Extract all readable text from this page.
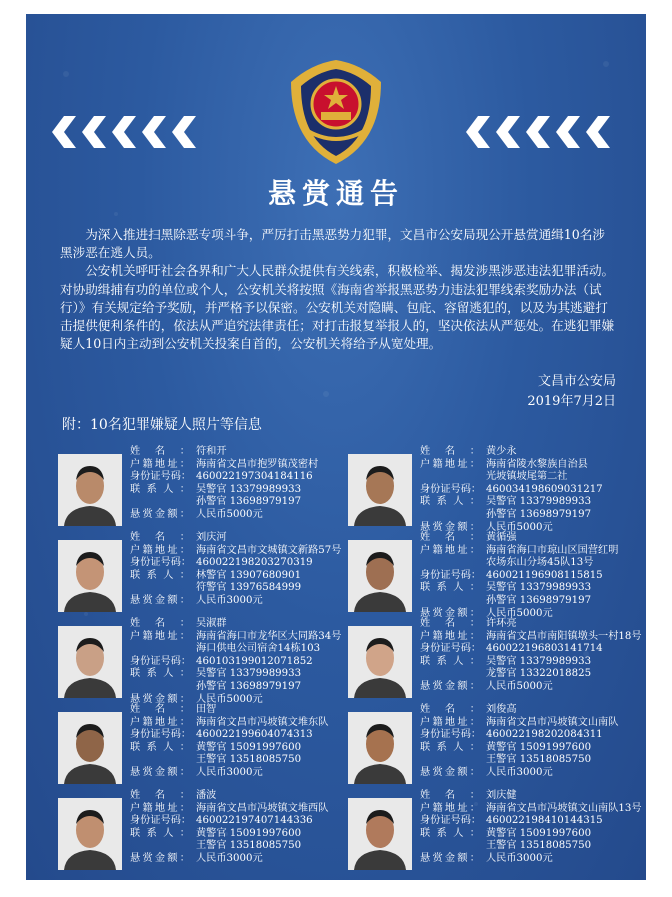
悬赏通告

为深入推进扫黑除恶专项斗争，严厉打击黑恶势力犯罪，文昌市公安局现公开悬赏通缉10名涉黑涉恶在逃人员。

公安机关呼吁社会各界和广大人民群众提供有关线索，积极检举、揭发涉黑涉恶违法犯罪活动。对协助缉捕有功的单位或个人，公安机关将按照《海南省举报黑恶势力违法犯罪线索奖励办法（试行）》有关规定给予奖励，并严格予以保密。公安机关对隐瞒、包庇、容留逃犯的，以及为其逃避打击提供便利条件的，依法从严追究法律责任；对打击报复举报人的，坚决依法从严惩处。在逃犯罪嫌疑人10日内主动到公安机关投案自首的，公安机关将给予从宽处理。

文昌市公安局
2019年7月2日
附：10名犯罪嫌疑人照片等信息
姓名： 符和开
户籍地址： 海南省文昌市抱罗镇茂密村
身份证号码： 460022197304184116
联系人： 吴警官 13379989933
孙警官 13698979197
悬赏金额： 人民币5000元
姓名： 黄少永
户籍地址： 海南省陵水黎族自治县
光坡镇坡尾第二社
身份证号码： 460034198609031217
联系人： 吴警官 13379989933
孙警官 13698979197
悬赏金额： 人民币5000元
姓名： 刘庆河
户籍地址： 海南省文昌市文城镇文新路57号
身份证号码： 460022198203270319
联系人： 林警官 13907680901
符警官 13976584999
悬赏金额： 人民币3000元
姓名： 黄循强
户籍地址： 海南省海口市琼山区国营红明
农场东山分场45队13号
身份证号码： 460021196908115815
联系人： 吴警官 13379989933
孙警官 13698979197
悬赏金额： 人民币5000元
姓名： 吴淑群
户籍地址： 海南省海口市龙华区大同路34号
海口供电公司宿舍14栋103
身份证号码： 460103199012071852
联系人： 吴警官 13379989933
孙警官 13698979197
悬赏金额： 人民币5000元
姓名： 许环亮
户籍地址： 海南省文昌市南阳镇墩头一村18号
身份证号码： 460022196803141714
联系人： 吴警官 13379989933
龙警官 13322018825
悬赏金额： 人民币5000元
姓名： 田智
户籍地址： 海南省文昌市冯坡镇文堆东队
身份证号码： 460022199604074313
联系人： 黄警官 15091997600
王警官 13518085750
悬赏金额： 人民币3000元
姓名： 刘俊高
户籍地址： 海南省文昌市冯坡镇文山南队
身份证号码： 460022198202084311
联系人： 黄警官 15091997600
王警官 13518085750
悬赏金额： 人民币3000元
姓名： 潘波
户籍地址： 海南省文昌市冯坡镇文堆西队
身份证号码： 460022197407144336
联系人： 黄警官 15091997600
王警官 13518085750
悬赏金额： 人民币3000元
姓名： 刘庆健
户籍地址： 海南省文昌市冯坡镇文山南队13号
身份证号码： 460022198410144315
联系人： 黄警官 15091997600
王警官 13518085750
悬赏金额： 人民币3000元
